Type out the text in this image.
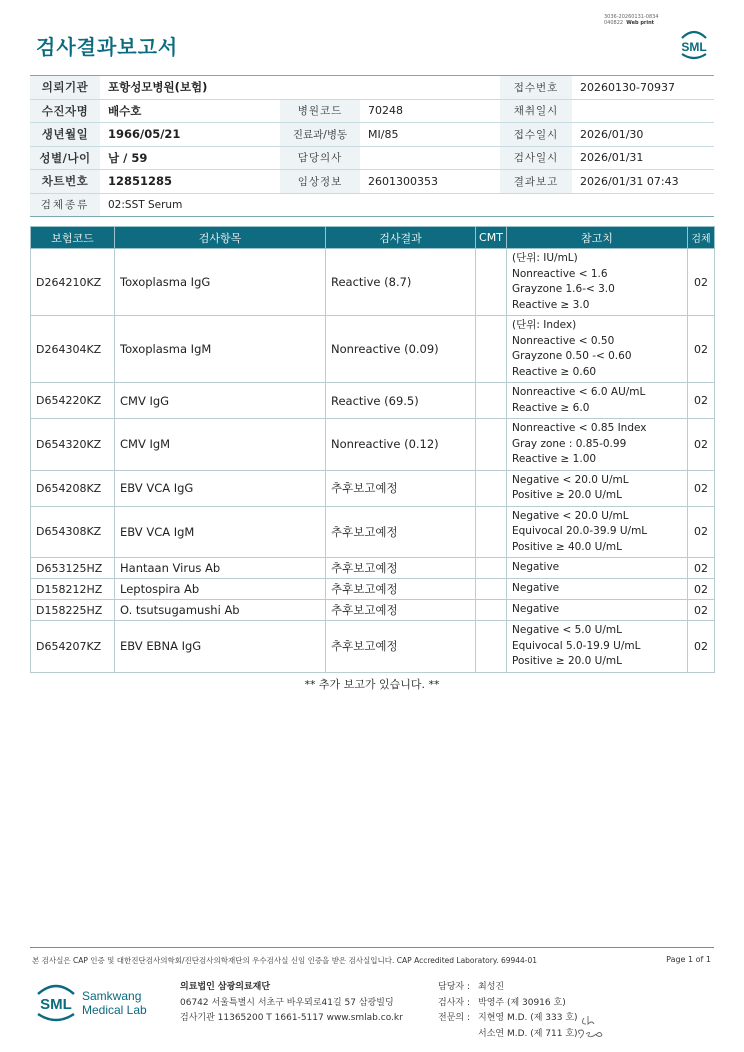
검사결과보고서
3036-20260131-0834
040822 Web print
SML
의뢰기관	포항성모병원(보험)			접수번호	20260130-70937
수진자명	배수호	병원코드	70248	채취일시	
생년월일	1966/05/21	진료과/병동	MI/85	접수일시	2026/01/30
성별/나이	남 / 59	담당의사		검사일시	2026/01/31
차트번호	12851285	임상정보	2601300353	결과보고	2026/01/31 07:43
검체종류	02:SST Serum				
보험코드	검사항목	검사결과	CMT	참고치	검체
D264210KZ	Toxoplasma IgG	Reactive (8.7)		(단위: IU/mL)
Nonreactive < 1.6
Grayzone 1.6-< 3.0
Reactive ≥ 3.0	02
D264304KZ	Toxoplasma IgM	Nonreactive (0.09)		(단위: Index)
Nonreactive < 0.50
Grayzone 0.50 -< 0.60
Reactive ≥ 0.60	02
D654220KZ	CMV IgG	Reactive (69.5)		Nonreactive < 6.0 AU/mL
Reactive ≥ 6.0	02
D654320KZ	CMV IgM	Nonreactive (0.12)		Nonreactive < 0.85 Index
Gray zone : 0.85-0.99
Reactive ≥ 1.00	02
D654208KZ	EBV VCA IgG	추후보고예정		Negative < 20.0 U/mL
Positive ≥ 20.0 U/mL	02
D654308KZ	EBV VCA IgM	추후보고예정		Negative < 20.0 U/mL
Equivocal 20.0-39.9 U/mL
Positive ≥ 40.0 U/mL	02
D653125HZ	Hantaan Virus Ab	추후보고예정		Negative	02
D158212HZ	Leptospira Ab	추후보고예정		Negative	02
D158225HZ	O. tsutsugamushi Ab	추후보고예정		Negative	02
D654207KZ	EBV EBNA IgG	추후보고예정		Negative < 5.0 U/mL
Equivocal 5.0-19.9 U/mL
Positive ≥ 20.0 U/mL	02
** 추가 보고가 있습니다. **
본 검사실은 CAP 인증 및 대한진단검사의학회/진단검사의학재단의 우수검사실 신임 인증을 받은 검사실입니다. CAP Accredited Laboratory. 69944-01	Page 1 of 1
SML Samkwang
Medical Lab
의료법인 삼광의료재단
06742 서울특별시 서초구 바우뫼로41길 57 삼광빌딩
검사기관 11365200 T 1661-5117 www.smlab.co.kr
담당자 : 최성진
검사자 : 박영주 (제 30916 호)
전문의 : 지현영 M.D. (제 333 호)
서소연 M.D. (제 711 호)
